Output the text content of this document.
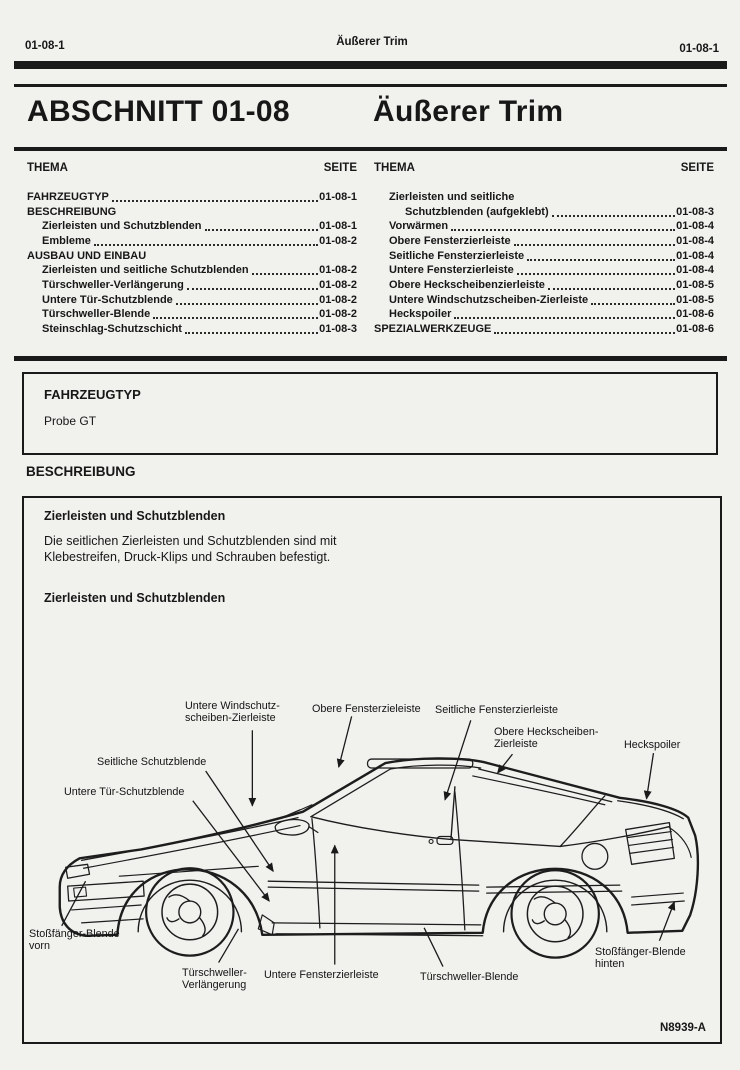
01-08-1	Äußerer Trim
01-08-1
ABSCHNITT 01-08	Äußerer Trim
THEMA	SEITE
FAHRZEUGTYP	01-08-1
BESCHREIBUNG
Zierleisten und Schutzblenden	01-08-1
Embleme	01-08-2
AUSBAU UND EINBAU
Zierleisten und seitliche Schutzblenden	01-08-2
Türschweller-Verlängerung	01-08-2
Untere Tür-Schutzblende	01-08-2
Türschweller-Blende	01-08-2
Steinschlag-Schutzschicht	01-08-3
THEMA	SEITE
Zierleisten und seitliche
Schutzblenden (aufgeklebt)	01-08-3
Vorwärmen	01-08-4
Obere Fensterzierleiste	01-08-4
Seitliche Fensterzierleiste	01-08-4
Untere Fensterzierleiste	01-08-4
Obere Heckscheibenzierleiste	01-08-5
Untere Windschutzscheiben-Zierleiste	01-08-5
Heckspoiler	01-08-6
SPEZIALWERKZEUGE	01-08-6
FAHRZEUGTYP
Probe GT
BESCHREIBUNG
Zierleisten und Schutzblenden
Die seitlichen Zierleisten und Schutzblenden sind mit Klebestreifen, Druck-Klips und Schrauben befestigt.
Zierleisten und Schutzblenden
Untere Windschutz-
scheiben-Zierleiste
Obere Fensterzieleiste Seitliche Fensterzierleiste
Obere Heckscheiben-
Zierleiste	Heckspoiler
Seitliche Schutzblende
Untere Tür-Schutzblende
Stoßfänger-Blende
vorn
Türschweller-
Verlängerung
Untere Fensterzierleiste	Türschweller-Blende
Stoßfänger-Blende
hinten
N8939-A
